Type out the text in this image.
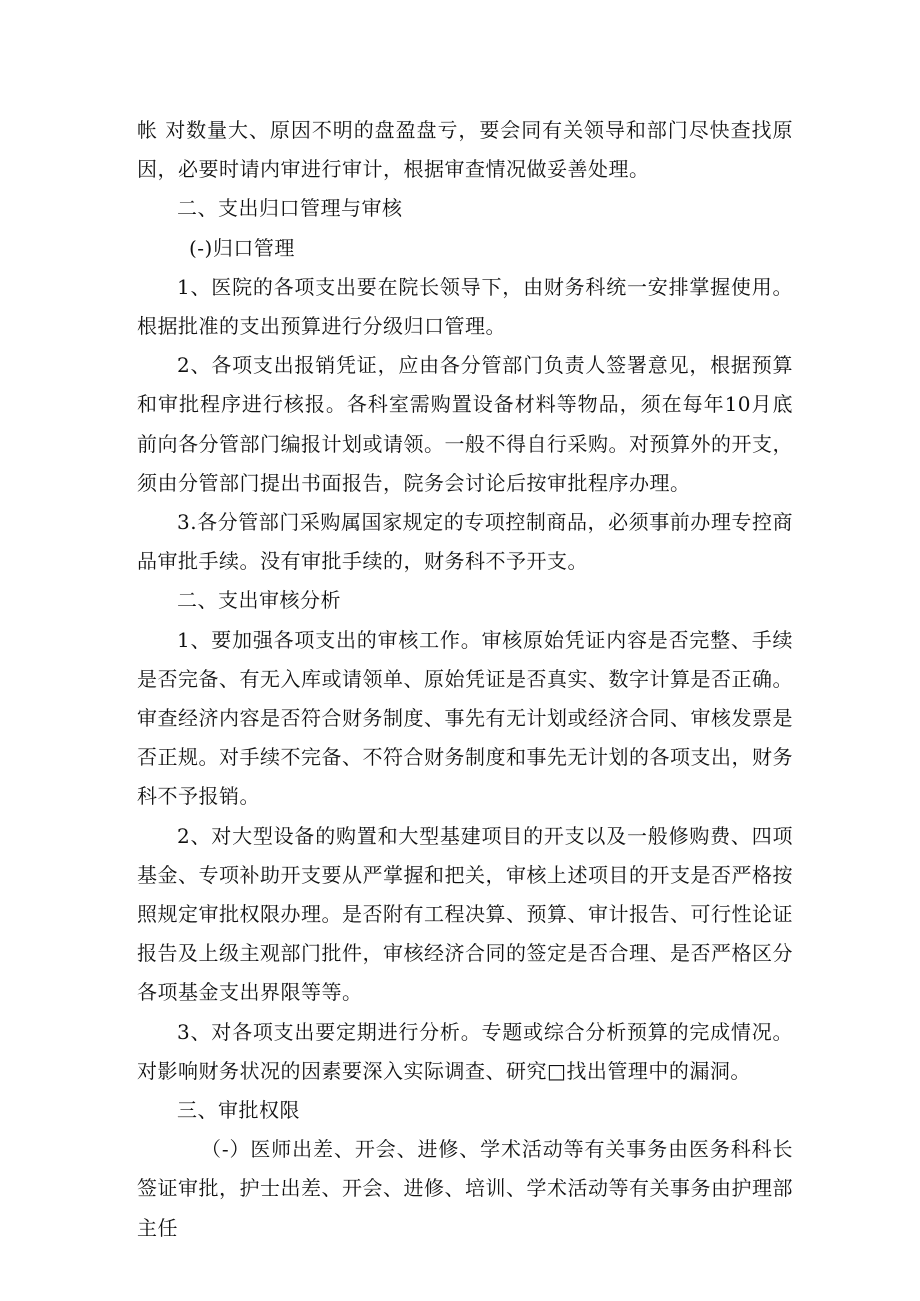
帐 对数量大、原因不明的盘盈盘亏，要会同有关领导和部门尽快查找原因，必要时请内审进行审计，根据审查情况做妥善处理。

二、支出归口管理与审核

(-)归口管理

1、医院的各项支出要在院长领导下，由财务科统一安排掌握使用。根据批准的支出预算进行分级归口管理。

2、各项支出报销凭证，应由各分管部门负责人签署意见，根据预算和审批程序进行核报。各科室需购置设备材料等物品，须在每年10月底前向各分管部门编报计划或请领。一般不得自行采购。对预算外的开支，须由分管部门提出书面报告，院务会讨论后按审批程序办理。

3.各分管部门采购属国家规定的专项控制商品，必须事前办理专控商品审批手续。没有审批手续的，财务科不予开支。

二、支出审核分析

1、要加强各项支出的审核工作。审核原始凭证内容是否完整、手续是否完备、有无入库或请领单、原始凭证是否真实、数字计算是否正确。审查经济内容是否符合财务制度、事先有无计划或经济合同、审核发票是否正规。对手续不完备、不符合财务制度和事先无计划的各项支出，财务科不予报销。

2、对大型设备的购置和大型基建项目的开支以及一般修购费、四项基金、专项补助开支要从严掌握和把关，审核上述项目的开支是否严格按照规定审批权限办理。是否附有工程决算、预算、审计报告、可行性论证报告及上级主观部门批件，审核经济合同的签定是否合理、是否严格区分各项基金支出界限等等。

3、对各项支出要定期进行分析。专题或综合分析预算的完成情况。对影响财务状况的因素要深入实际调查、研究□找出管理中的漏洞。

三、审批权限

（-）医师出差、开会、进修、学术活动等有关事务由医务科科长签证审批，护士出差、开会、进修、培训、学术活动等有关事务由护理部主任
